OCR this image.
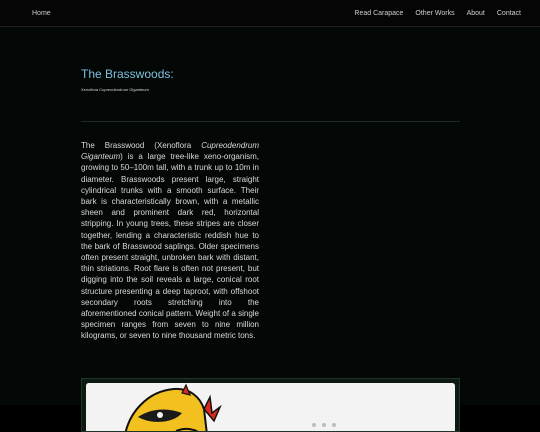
Home	Read Carapace Other Works About Contact
The Brasswoods:
Xenoflora Cupreodendrum Giganteum

The Brasswood (Xenoflora Cupreodendrum Giganteum) is a large tree-like xeno-organism, growing to 50–100m tall, with a trunk up to 10m in diameter. Brasswoods present large, straight cylindrical trunks with a smooth surface. Their bark is characteristically brown, with a metallic sheen and prominent dark red, horizontal stripping. In young trees, these stripes are closer together, lending a characteristic reddish hue to the bark of Brasswood saplings. Older specimens often present straight, unbroken bark with distant, thin striations. Root flare is often not present, but digging into the soil reveals a large, conical root structure presenting a deep taproot, with offshoot secondary roots stretching into the aforementioned conical pattern. Weight of a single specimen ranges from seven to nine million kilograms, or seven to nine thousand metric tons.
